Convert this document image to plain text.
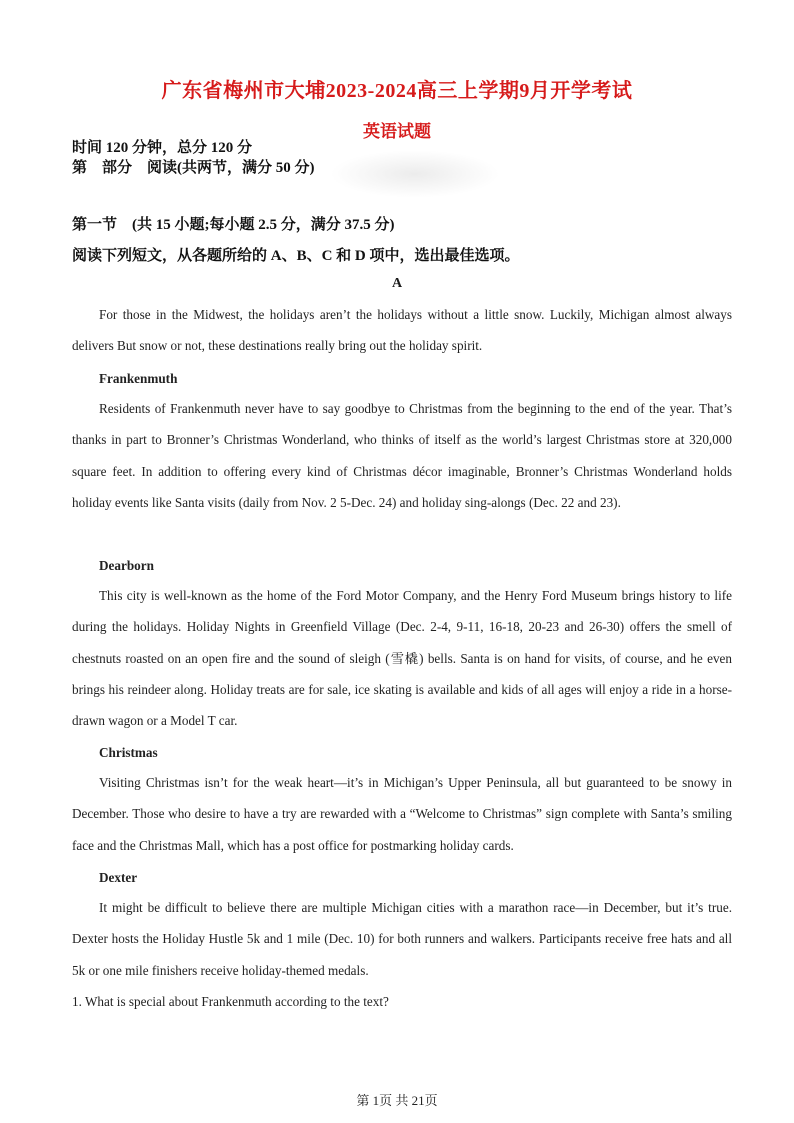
广东省梅州市大埔2023-2024高三上学期9月开学考试
英语试题
时间 120 分钟，总分 120 分
第　部分　阅读(共两节，满分 50 分)
第一节　(共 15 小题;每小题 2.5 分，满分 37.5 分)
阅读下列短文，从各题所给的 A、B、C 和 D 项中，选出最佳选项。
A
For those in the Midwest, the holidays aren’t the holidays without a little snow. Luckily, Michigan almost always delivers But snow or not, these destinations really bring out the holiday spirit.
Frankenmuth
Residents of Frankenmuth never have to say goodbye to Christmas from the beginning to the end of the year. That’s thanks in part to Bronner’s Christmas Wonderland, who thinks of itself as the world’s largest Christmas store at 320,000 square feet. In addition to offering every kind of Christmas décor imaginable, Bronner’s Christmas Wonderland holds holiday events like Santa visits (daily from Nov. 2 5-Dec. 24) and holiday sing-alongs (Dec. 22 and 23).
Dearborn
This city is well-known as the home of the Ford Motor Company, and the Henry Ford Museum brings history to life during the holidays. Holiday Nights in Greenfield Village (Dec. 2-4, 9-11, 16-18, 20-23 and 26-30) offers the smell of chestnuts roasted on an open fire and the sound of sleigh (雪橇) bells. Santa is on hand for visits, of course, and he even brings his reindeer along. Holiday treats are for sale, ice skating is available and kids of all ages will enjoy a ride in a horse-drawn wagon or a Model T car.
Christmas
Visiting Christmas isn’t for the weak heart—it’s in Michigan’s Upper Peninsula, all but guaranteed to be snowy in December. Those who desire to have a try are rewarded with a “Welcome to Christmas” sign complete with Santa’s smiling face and the Christmas Mall, which has a post office for postmarking holiday cards.
Dexter
It might be difficult to believe there are multiple Michigan cities with a marathon race—in December, but it’s true. Dexter hosts the Holiday Hustle 5k and 1 mile (Dec. 10) for both runners and walkers. Participants receive free hats and all 5k or one mile finishers receive holiday-themed medals.
1. What is special about Frankenmuth according to the text?
第 1页 共 21页
